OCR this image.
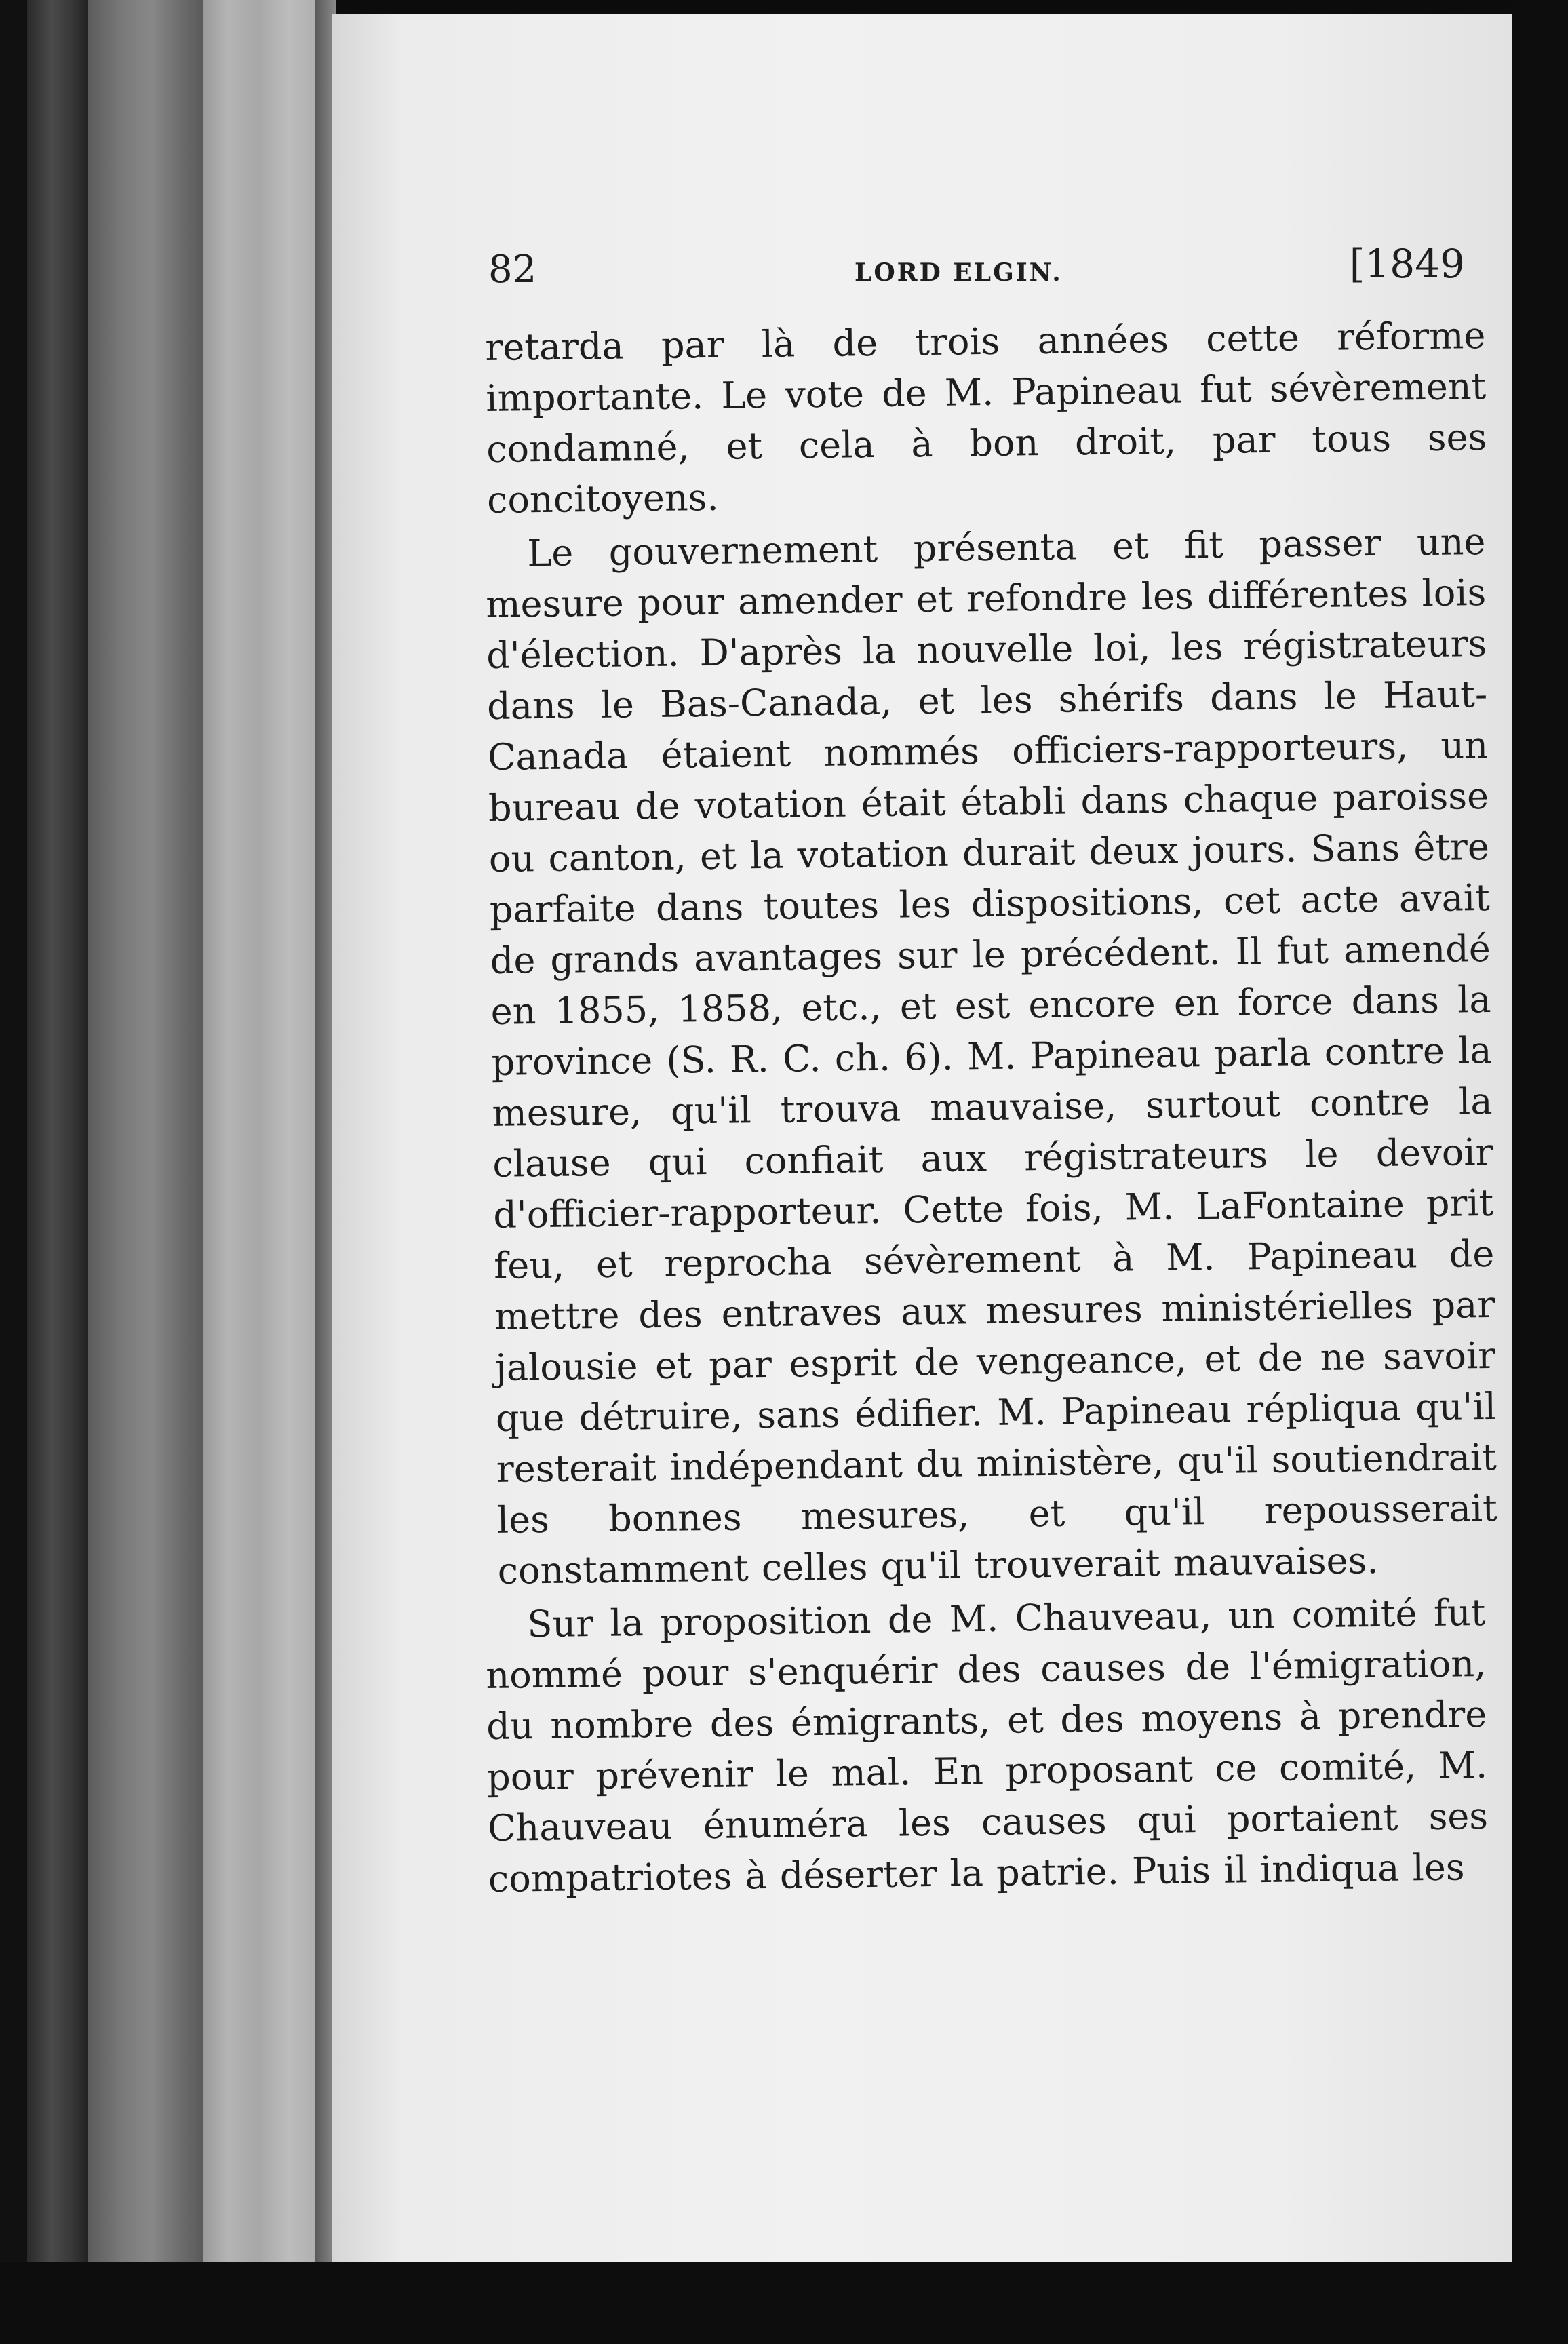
82	LORD ELGIN.	[1849

retarda par là de trois années cette réforme importante. Le vote de M. Papineau fut sévèrement condamné, et cela à bon droit, par tous ses concitoyens.

Le gouvernement présenta et fit passer une mesure pour amender et refondre les différentes lois d'élection. D'après la nouvelle loi, les régistrateurs dans le Bas-Canada, et les shérifs dans le Haut-Canada étaient nommés officiers-rapporteurs, un bureau de votation était établi dans chaque paroisse ou canton, et la votation durait deux jours. Sans être parfaite dans toutes les dispositions, cet acte avait de grands avantages sur le précédent. Il fut amendé en 1855, 1858, etc., et est encore en force dans la province (S. R. C. ch. 6). M. Papineau parla contre la mesure, qu'il trouva mauvaise, surtout contre la clause qui confiait aux régistrateurs le devoir d'officier-rapporteur. Cette fois, M. LaFontaine prit feu, et reprocha sévèrement à M. Papineau de mettre des entraves aux mesures ministérielles par jalousie et par esprit de vengeance, et de ne savoir que détruire, sans édifier. M. Papineau répliqua qu'il resterait indépendant du ministère, qu'il soutiendrait les bonnes mesures, et qu'il repousserait constamment celles qu'il trouverait mauvaises.

Sur la proposition de M. Chauveau, un comité fut nommé pour s'enquérir des causes de l'émigration, du nombre des émigrants, et des moyens à prendre pour prévenir le mal. En proposant ce comité, M. Chauveau énuméra les causes qui portaient ses compatriotes à déserter la patrie. Puis il indiqua les
